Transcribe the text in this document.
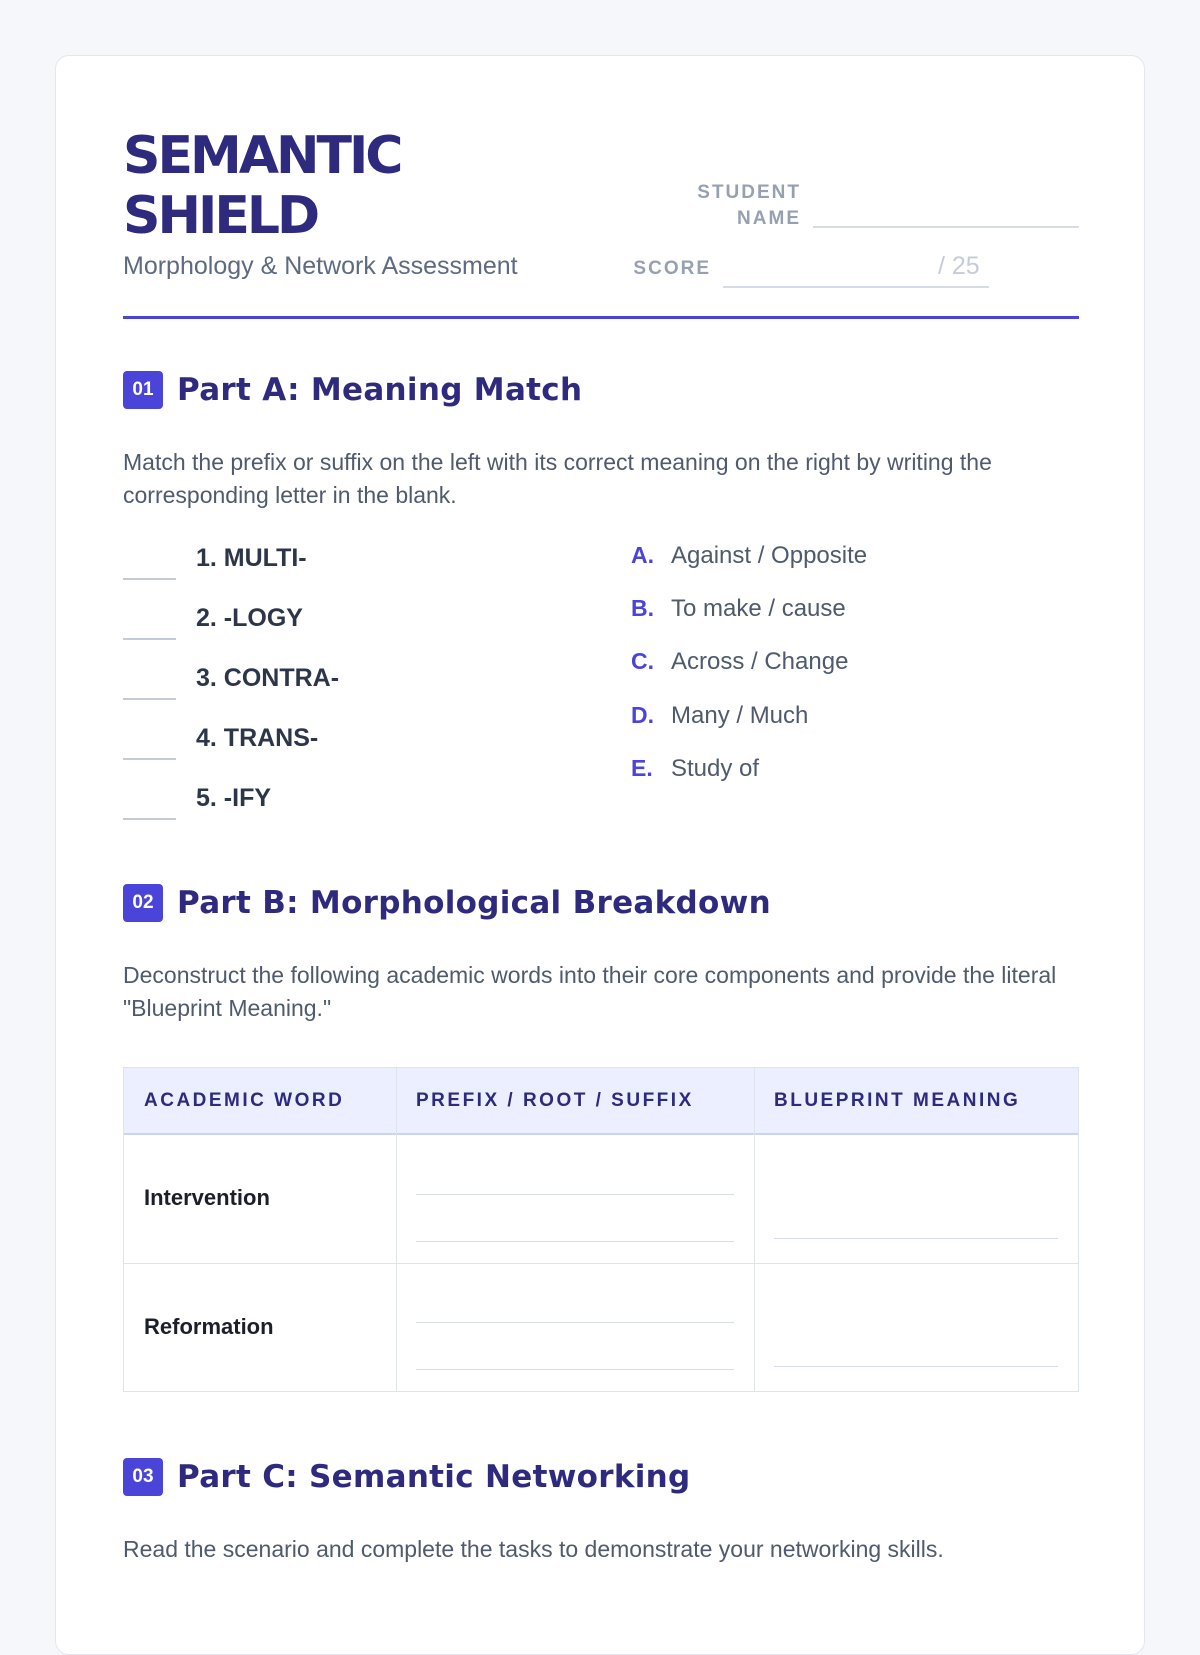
SEMANTIC
SHIELD
Morphology & Network Assessment
STUDENT
NAME
SCORE	/ 25
01 Part A: Meaning Match
Match the prefix or suffix on the left with its correct meaning on the right by writing the corresponding letter in the blank.
1. MULTI-
2. -LOGY
3. CONTRA-
4. TRANS-
5. -IFY
A. Against / Opposite
B. To make / cause
C. Across / Change
D. Many / Much
E. Study of
02 Part B: Morphological Breakdown
Deconstruct the following academic words into their core components and provide the literal "Blueprint Meaning."
ACADEMIC WORD	PREFIX / ROOT / SUFFIX	BLUEPRINT MEANING
Intervention
Reformation
03 Part C: Semantic Networking
Read the scenario and complete the tasks to demonstrate your networking skills.
